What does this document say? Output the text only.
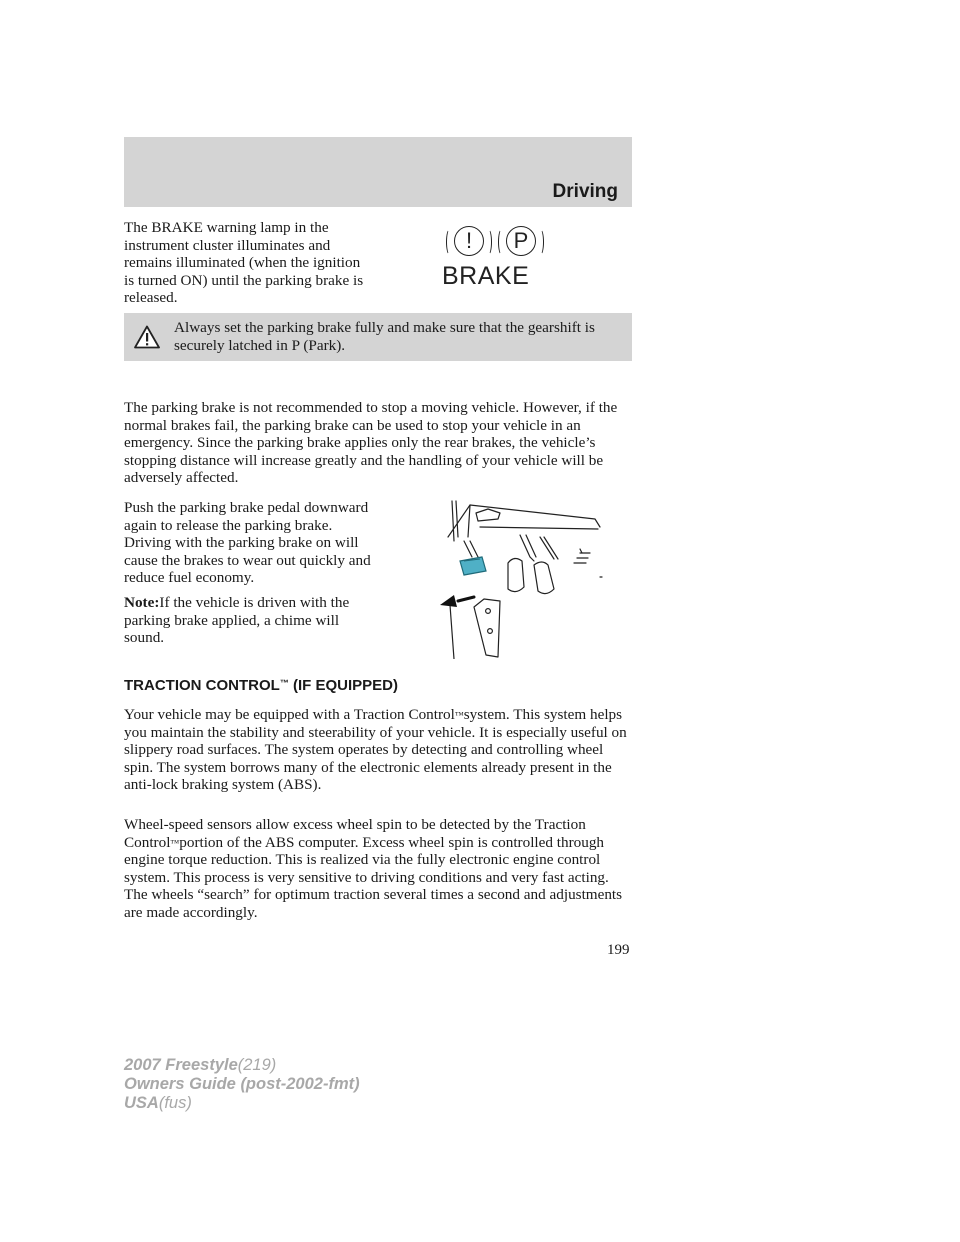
Driving

The BRAKE warning lamp in the instrument cluster illuminates and remains illuminated (when the ignition is turned ON) until the parking brake is released.

!	P
BRAKE

Always set the parking brake fully and make sure that the gearshift is securely latched in P (Park).

The parking brake is not recommended to stop a moving vehicle. However, if the normal brakes fail, the parking brake can be used to stop your vehicle in an emergency. Since the parking brake applies only the rear brakes, the vehicle’s stopping distance will increase greatly and the handling of your vehicle will be adversely affected.

Push the parking brake pedal downward again to release the parking brake. Driving with the parking brake on will cause the brakes to wear out quickly and reduce fuel economy.

Note:If the vehicle is driven with the parking brake applied, a chime will sound.

TRACTION CONTROL™ (IF EQUIPPED)

Your vehicle may be equipped with a Traction Control™system. This system helps you maintain the stability and steerability of your vehicle. It is especially useful on slippery road surfaces. The system operates by detecting and controlling wheel spin. The system borrows many of the electronic elements already present in the anti-lock braking system (ABS).

Wheel-speed sensors allow excess wheel spin to be detected by the Traction Control™portion of the ABS computer. Excess wheel spin is controlled through engine torque reduction. This is realized via the fully electronic engine control system. This process is very sensitive to driving conditions and very fast acting. The wheels “search” for optimum traction several times a second and adjustments are made accordingly.

199
2007 Freestyle(219)
Owners Guide (post-2002-fmt)
USA(fus)
